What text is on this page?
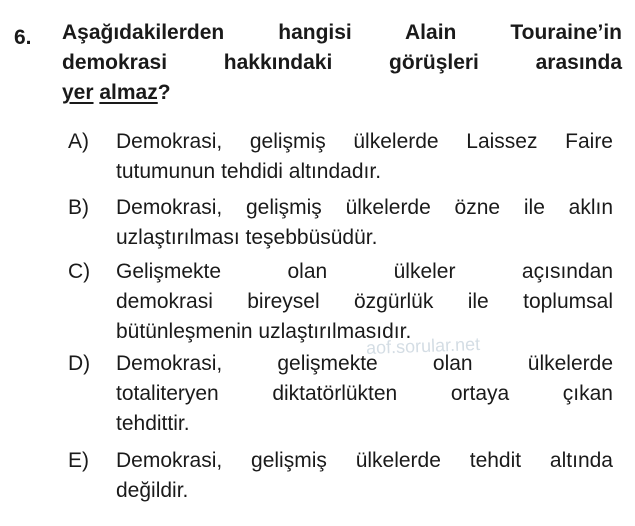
6. Aşağıdakilerden hangisi Alain Touraine’in
demokrasi hakkındaki görüşleri arasında
yer almaz?
A)	Demokrasi, gelişmiş ülkelerde Laissez Faire
tutumunun tehdidi altındadır.
B)	Demokrasi, gelişmiş ülkelerde özne ile aklın
uzlaştırılması teşebbüsüdür.
C)	Gelişmekte olan ülkeler açısından
demokrasi bireysel özgürlük ile toplumsal
bütünleşmenin uzlaştırılmasıdır.
D)	Demokrasi, gelişmekte olan ülkelerde
totaliteryen diktatörlükten ortaya çıkan
tehdittir.
E)	Demokrasi, gelişmiş ülkelerde tehdit altında
değildir.
aof.sorular.net
